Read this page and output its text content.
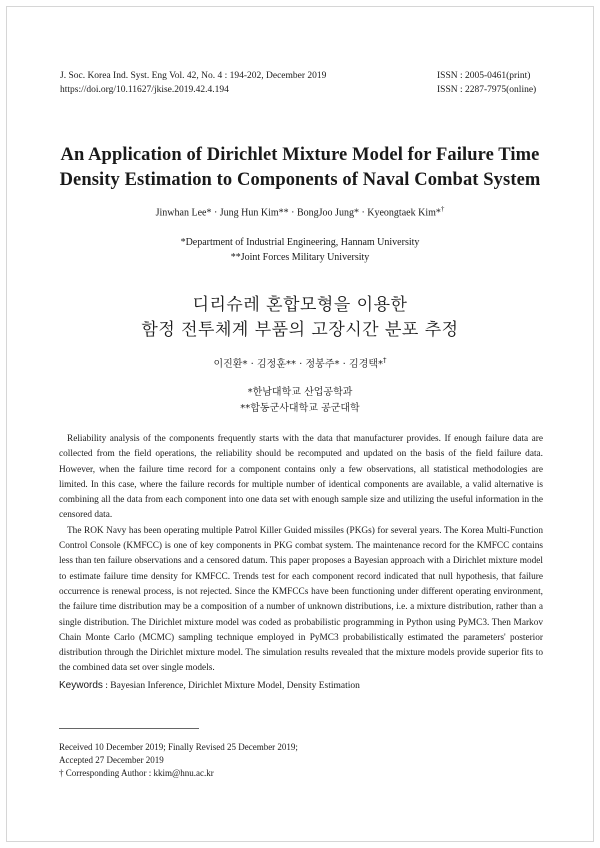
J. Soc. Korea Ind. Syst. Eng Vol. 42, No. 4 : 194-202, December 2019
https://doi.org/10.11627/jkise.2019.42.4.194
ISSN : 2005-0461(print)
ISSN : 2287-7975(online)
An Application of Dirichlet Mixture Model for Failure Time
Density Estimation to Components of Naval Combat System
Jinwhan Lee* · Jung Hun Kim** · BongJoo Jung* · Kyeongtaek Kim*†
*Department of Industrial Engineering, Hannam University
**Joint Forces Military University
디리슈레 혼합모형을 이용한
함정 전투체계 부품의 고장시간 분포 추정
이진환* · 김정훈** · 정봉주* · 김경택*†
*한남대학교 산업공학과
**합동군사대학교 공군대학

Reliability analysis of the components frequently starts with the data that manufacturer provides. If enough failure data are collected from the field operations, the reliability should be recomputed and updated on the basis of the field failure data. However, when the failure time record for a component contains only a few observations, all statistical methodologies are limited. In this case, where the failure records for multiple number of identical components are available, a valid alternative is combining all the data from each component into one data set with enough sample size and utilizing the useful information in the censored data.

The ROK Navy has been operating multiple Patrol Killer Guided missiles (PKGs) for several years. The Korea Multi-Function Control Console (KMFCC) is one of key components in PKG combat system. The maintenance record for the KMFCC contains less than ten failure observations and a censored datum. This paper proposes a Bayesian approach with a Dirichlet mixture model to estimate failure time density for KMFCC. Trends test for each component record indicated that null hypothesis, that failure occurrence is renewal process, is not rejected. Since the KMFCCs have been functioning under different operating environment, the failure time distribution may be a composition of a number of unknown distributions, i.e. a mixture distribution, rather than a single distribution. The Dirichlet mixture model was coded as probabilistic programming in Python using PyMC3. Then Markov Chain Monte Carlo (MCMC) sampling technique employed in PyMC3 probabilistically estimated the parameters' posterior distribution through the Dirichlet mixture model. The simulation results revealed that the mixture models provide superior fits to the combined data set over single models.

Keywords : Bayesian Inference, Dirichlet Mixture Model, Density Estimation
Received 10 December 2019; Finally Revised 25 December 2019;
Accepted 27 December 2019
† Corresponding Author : kkim@hnu.ac.kr
